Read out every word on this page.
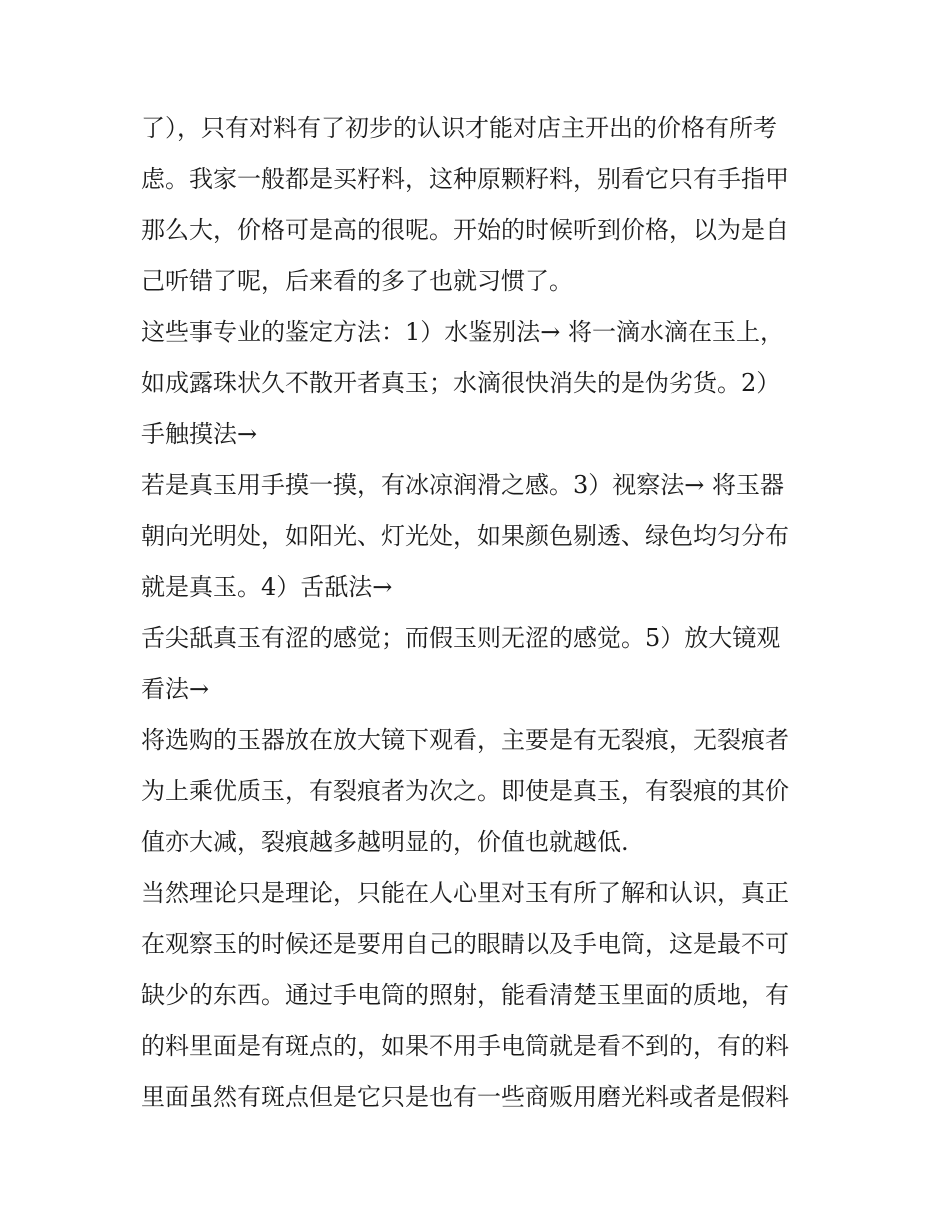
了），只有对料有了初步的认识才能对店主开出的价格有所考

虑。我家一般都是买籽料，这种原颗籽料，别看它只有手指甲

那么大，价格可是高的很呢。开始的时候听到价格，以为是自

己听错了呢，后来看的多了也就习惯了。

这些事专业的鉴定方法：1）水鉴别法→ 将一滴水滴在玉上，

如成露珠状久不散开者真玉；水滴很快消失的是伪劣货。2）

手触摸法→

若是真玉用手摸一摸，有冰凉润滑之感。3）视察法→ 将玉器

朝向光明处，如阳光、灯光处，如果颜色剔透、绿色均匀分布

就是真玉。4）舌舐法→

舌尖舐真玉有涩的感觉；而假玉则无涩的感觉。5）放大镜观

看法→

将选购的玉器放在放大镜下观看，主要是有无裂痕，无裂痕者

为上乘优质玉，有裂痕者为次之。即使是真玉，有裂痕的其价

值亦大减，裂痕越多越明显的，价值也就越低.

当然理论只是理论，只能在人心里对玉有所了解和认识，真正

在观察玉的时候还是要用自己的眼睛以及手电筒，这是最不可

缺少的东西。通过手电筒的照射，能看清楚玉里面的质地，有

的料里面是有斑点的，如果不用手电筒就是看不到的，有的料

里面虽然有斑点但是它只是也有一些商贩用磨光料或者是假料
